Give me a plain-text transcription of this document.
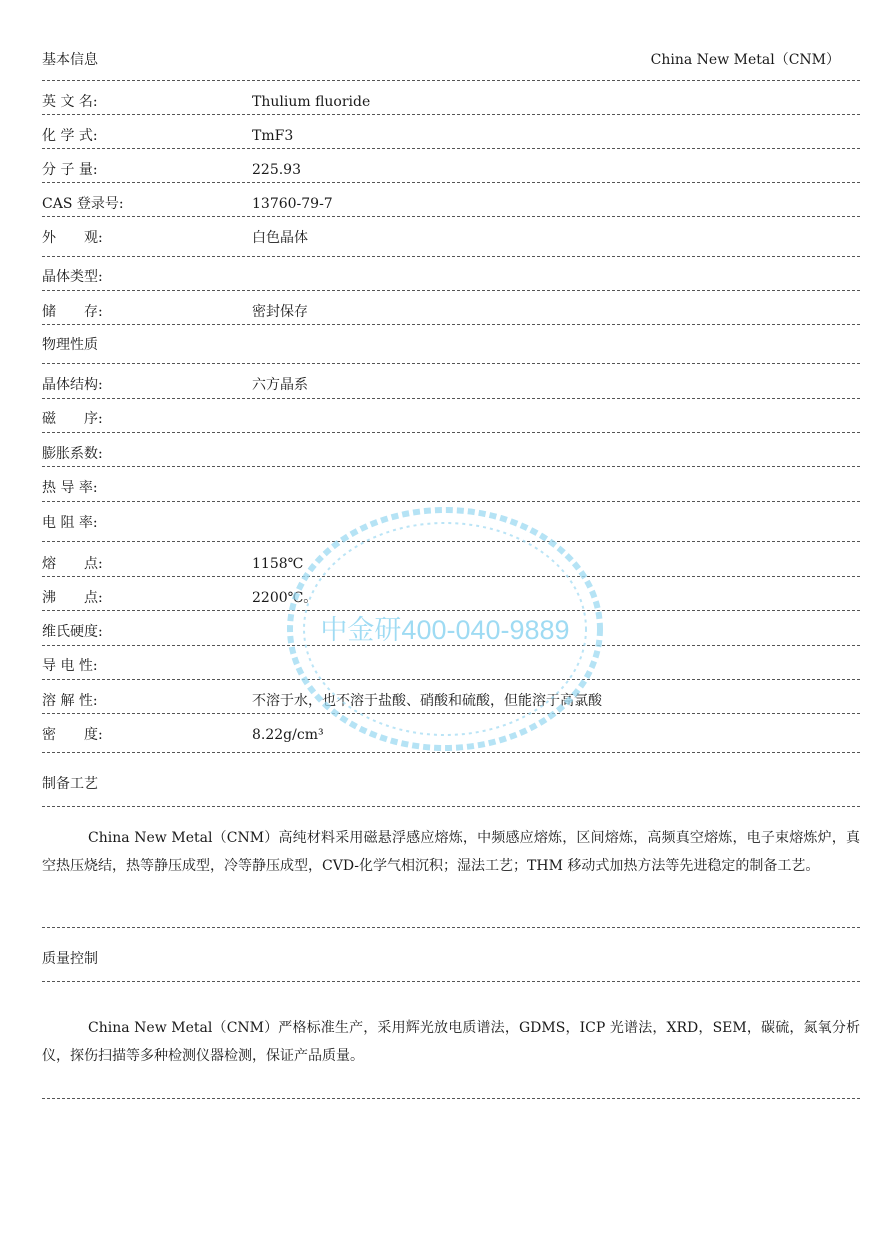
基本信息	China New Metal（CNM）
英 文 名:	Thulium fluoride
化 学 式:	TmF3
分 子 量:	225.93
CAS 登录号:	13760-79-7
外　　观:	白色晶体
晶体类型:
储　　存:	密封保存
物理性质
晶体结构:	六方晶系
磁　　序:
膨胀系数:
热 导 率:
电 阻 率:
熔　　点:	1158℃
沸　　点:	2200℃。
维氏硬度:
导 电 性:
溶 解 性:	不溶于水，也不溶于盐酸、硝酸和硫酸，但能溶于高氯酸
密　　度:	8.22g/cm³
制备工艺
China New Metal（CNM）高纯材料采用磁悬浮感应熔炼，中频感应熔炼，区间熔炼，高频真空熔炼，电子束熔炼炉，真空热压烧结，热等静压成型，冷等静压成型，CVD-化学气相沉积；湿法工艺；THM 移动式加热方法等先进稳定的制备工艺。
质量控制
China New Metal（CNM）严格标准生产，采用辉光放电质谱法，GDMS，ICP 光谱法，XRD，SEM，碳硫，氮氧分析仪，探伤扫描等多种检测仪器检测，保证产品质量。
中金研400-040-9889
